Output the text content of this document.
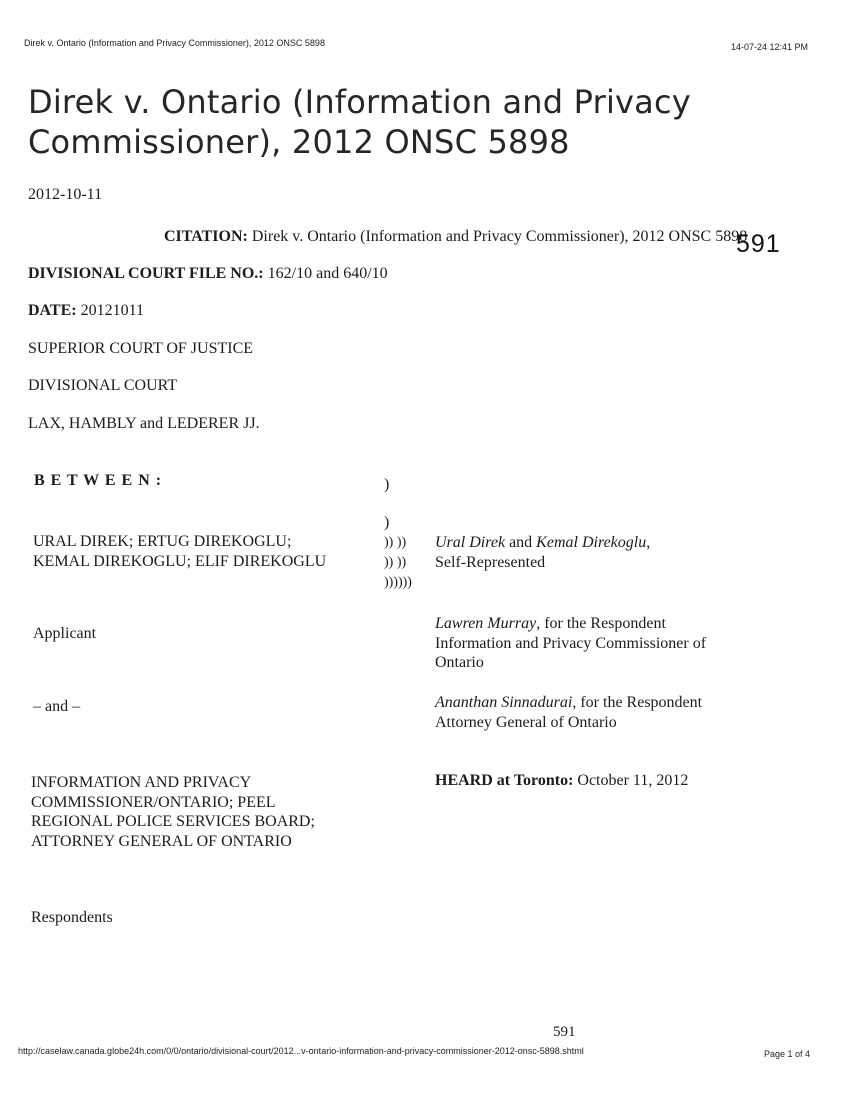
Direk v. Ontario (Information and Privacy Commissioner), 2012 ONSC 5898	14-07-24 12:41 PM
Direk v. Ontario (Information and Privacy
Commissioner), 2012 ONSC 5898
2012-10-11
CITATION: Direk v. Ontario (Information and Privacy Commissioner), 2012 ONSC 5898
591
DIVISIONAL COURT FILE NO.: 162/10 and 640/10
DATE: 20121011
SUPERIOR COURT OF JUSTICE
DIVISIONAL COURT
LAX, HAMBLY and LEDERER JJ.
B E T W E E N :
URAL DIREK; ERTUG DIREKOGLU;
KEMAL DIREKOGLU; ELIF DIREKOGLU
Applicant
– and –
INFORMATION AND PRIVACY
COMMISSIONER/ONTARIO; PEEL
REGIONAL POLICE SERVICES BOARD;
ATTORNEY GENERAL OF ONTARIO
Respondents
)
)
)) ))
)) ))
))))))
Ural Direk and Kemal Direkoglu,
Self-Represented
Lawren Murray, for the Respondent
Information and Privacy Commissioner of
Ontario
Ananthan Sinnadurai, for the Respondent
Attorney General of Ontario
HEARD at Toronto: October 11, 2012
591
http://caselaw.canada.globe24h.com/0/0/ontario/divisional-court/2012...v-ontario-information-and-privacy-commissioner-2012-onsc-5898.shtml	Page 1 of 4
